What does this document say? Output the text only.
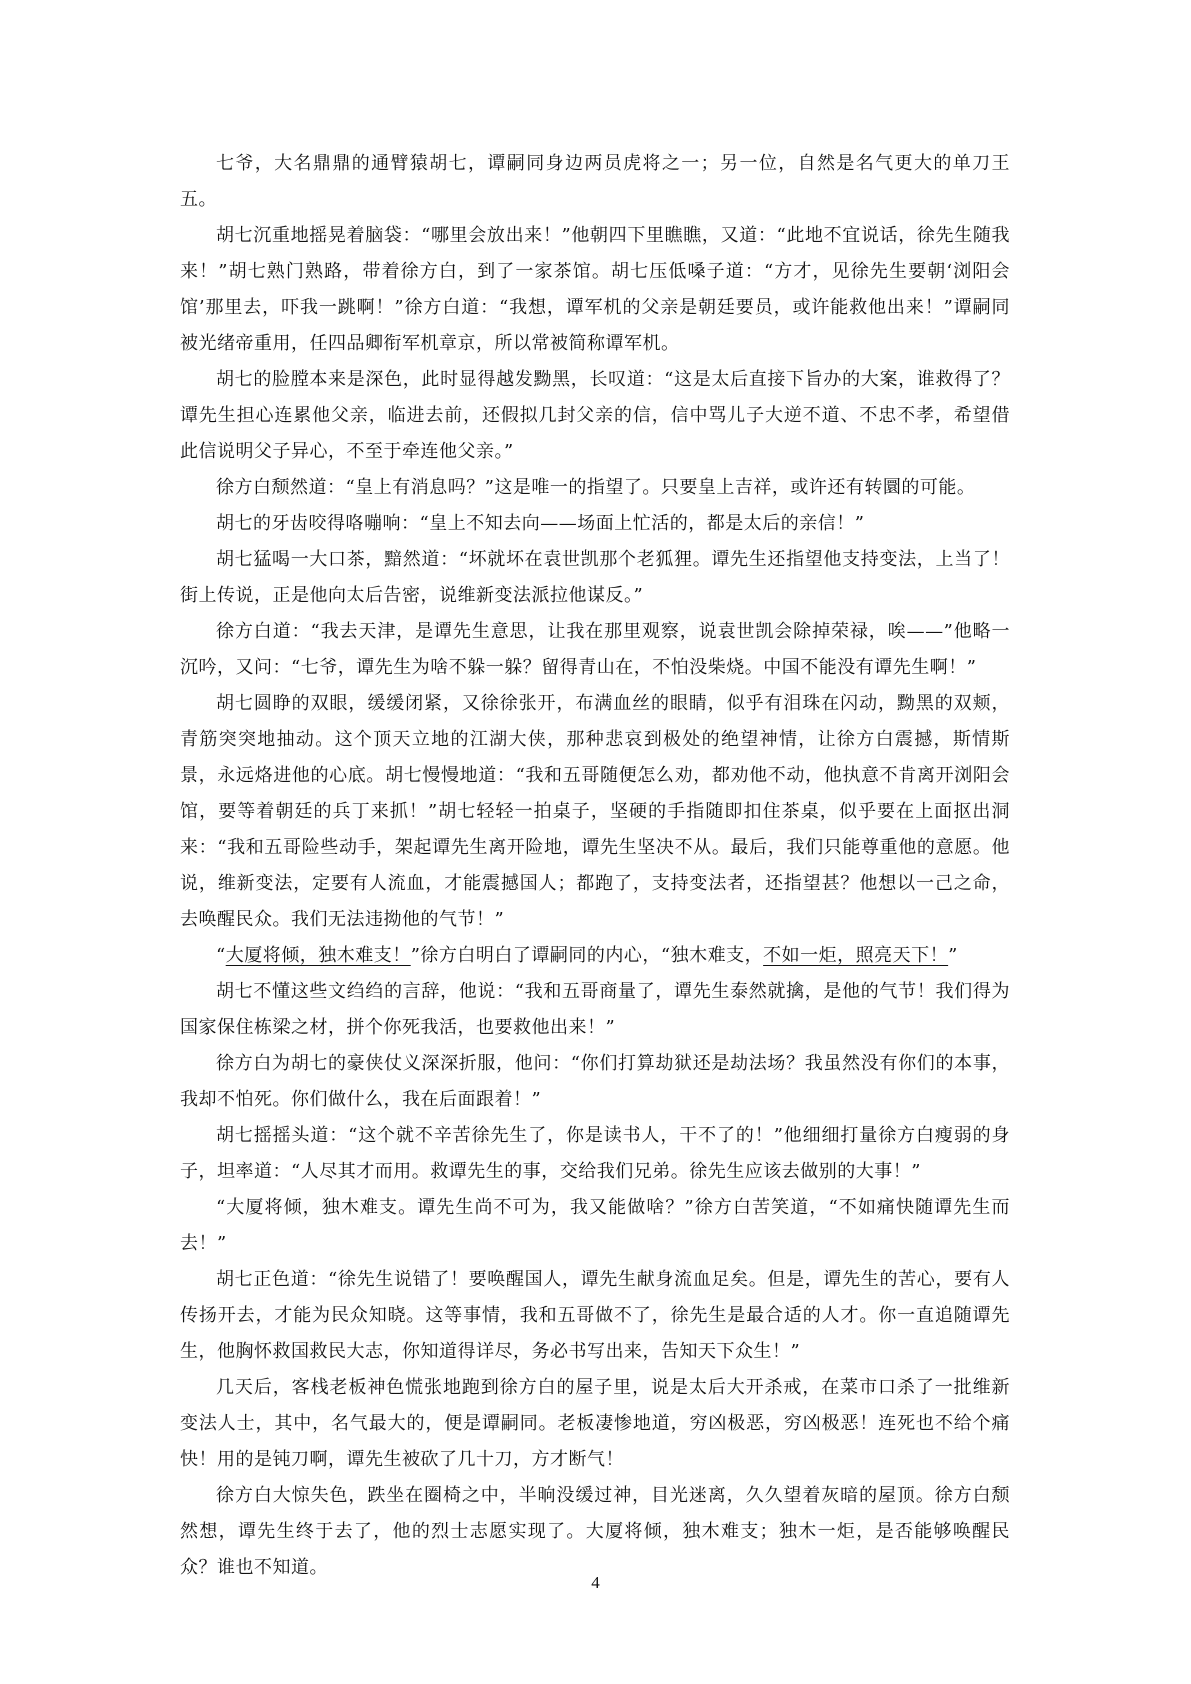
七爷，大名鼎鼎的通臂猿胡七，谭嗣同身边两员虎将之一；另一位，自然是名气更大的单刀王五。

胡七沉重地摇晃着脑袋：“哪里会放出来！”他朝四下里瞧瞧，又道：“此地不宜说话，徐先生随我来！”胡七熟门熟路，带着徐方白，到了一家茶馆。胡七压低嗓子道：“方才，见徐先生要朝‘浏阳会馆’那里去，吓我一跳啊！”徐方白道：“我想，谭军机的父亲是朝廷要员，或许能救他出来！”谭嗣同被光绪帝重用，任四品卿衔军机章京，所以常被简称谭军机。

胡七的脸膛本来是深色，此时显得越发黝黑，长叹道：“这是太后直接下旨办的大案，谁救得了？谭先生担心连累他父亲，临进去前，还假拟几封父亲的信，信中骂儿子大逆不道、不忠不孝，希望借此信说明父子异心，不至于牵连他父亲。”

徐方白颓然道：“皇上有消息吗？”这是唯一的指望了。只要皇上吉祥，或许还有转圜的可能。

胡七的牙齿咬得咯嘣响：“皇上不知去向——场面上忙活的，都是太后的亲信！”

胡七猛喝一大口茶，黯然道：“坏就坏在袁世凯那个老狐狸。谭先生还指望他支持变法，上当了！街上传说，正是他向太后告密，说维新变法派拉他谋反。”

徐方白道：“我去天津，是谭先生意思，让我在那里观察，说袁世凯会除掉荣禄，唉——”他略一沉吟，又问：“七爷，谭先生为啥不躲一躲？留得青山在，不怕没柴烧。中国不能没有谭先生啊！”

胡七圆睁的双眼，缓缓闭紧，又徐徐张开，布满血丝的眼睛，似乎有泪珠在闪动，黝黑的双颊，青筋突突地抽动。这个顶天立地的江湖大侠，那种悲哀到极处的绝望神情，让徐方白震撼，斯情斯景，永远烙进他的心底。胡七慢慢地道：“我和五哥随便怎么劝，都劝他不动，他执意不肯离开浏阳会馆，要等着朝廷的兵丁来抓！”胡七轻轻一拍桌子，坚硬的手指随即扣住茶桌，似乎要在上面抠出洞来：“我和五哥险些动手，架起谭先生离开险地，谭先生坚决不从。最后，我们只能尊重他的意愿。他说，维新变法，定要有人流血，才能震撼国人；都跑了，支持变法者，还指望甚？他想以一己之命，去唤醒民众。我们无法违拗他的气节！”

“大厦将倾，独木难支！”徐方白明白了谭嗣同的内心，“独木难支，不如一炬，照亮天下！”

胡七不懂这些文绉绉的言辞，他说：“我和五哥商量了，谭先生泰然就擒，是他的气节！我们得为国家保住栋梁之材，拼个你死我活，也要救他出来！”

徐方白为胡七的豪侠仗义深深折服，他问：“你们打算劫狱还是劫法场？我虽然没有你们的本事，我却不怕死。你们做什么，我在后面跟着！”

胡七摇摇头道：“这个就不辛苦徐先生了，你是读书人，干不了的！”他细细打量徐方白瘦弱的身子，坦率道：“人尽其才而用。救谭先生的事，交给我们兄弟。徐先生应该去做别的大事！”

“大厦将倾，独木难支。谭先生尚不可为，我又能做啥？”徐方白苦笑道，“不如痛快随谭先生而去！”

胡七正色道：“徐先生说错了！要唤醒国人，谭先生献身流血足矣。但是，谭先生的苦心，要有人传扬开去，才能为民众知晓。这等事情，我和五哥做不了，徐先生是最合适的人才。你一直追随谭先生，他胸怀救国救民大志，你知道得详尽，务必书写出来，告知天下众生！”

几天后，客栈老板神色慌张地跑到徐方白的屋子里，说是太后大开杀戒，在菜市口杀了一批维新变法人士，其中，名气最大的，便是谭嗣同。老板凄惨地道，穷凶极恶，穷凶极恶！连死也不给个痛快！用的是钝刀啊，谭先生被砍了几十刀，方才断气！

徐方白大惊失色，跌坐在圈椅之中，半晌没缓过神，目光迷离，久久望着灰暗的屋顶。徐方白颓然想，谭先生终于去了，他的烈士志愿实现了。大厦将倾，独木难支；独木一炬，是否能够唤醒民众？谁也不知道。

4
